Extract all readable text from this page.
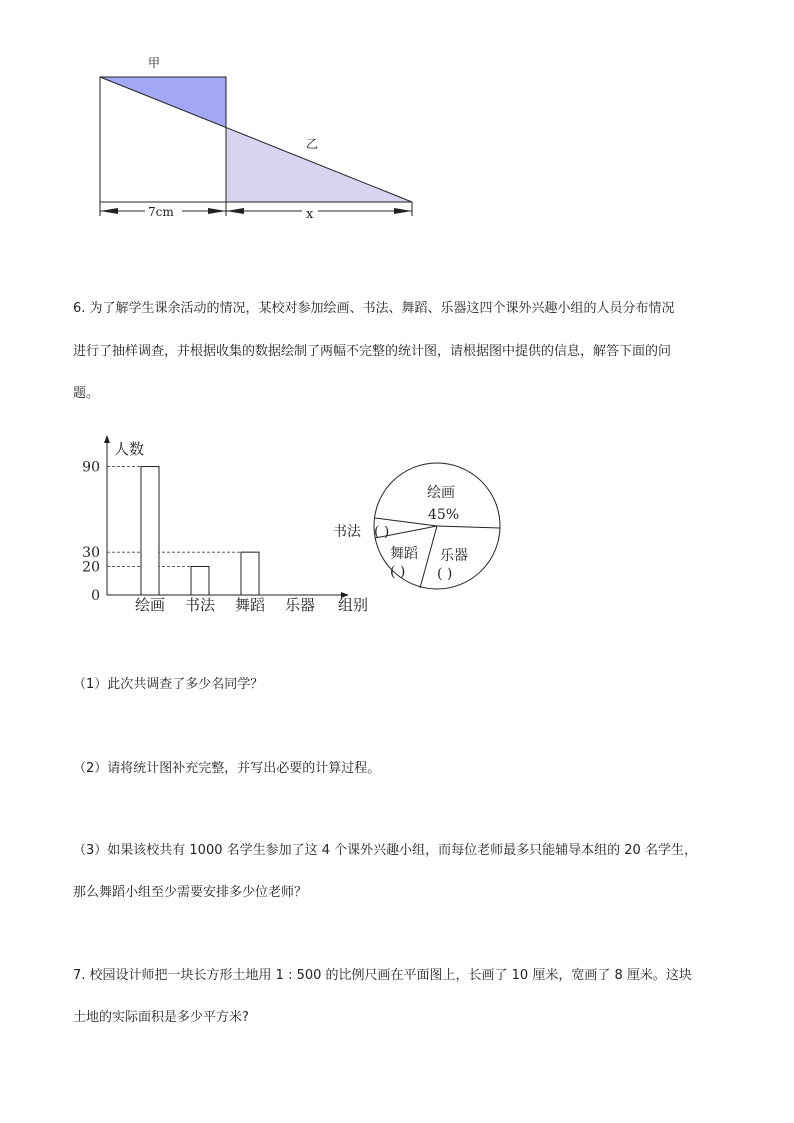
甲
乙
7cm	x
6. 为了解学生课余活动的情况，某校对参加绘画、书法、舞蹈、乐器这四个课外兴趣小组的人员分布情况
进行了抽样调查，并根据收集的数据绘制了两幅不完整的统计图，请根据图中提供的信息，解答下面的问
题。
人数
组别
0
20
30
90
绘画 书法 舞蹈 乐器
绘画
45%
书法 ( )
舞蹈
( )
乐器
( )
（1）此次共调查了多少名同学？
（2）请将统计图补充完整，并写出必要的计算过程。
（3）如果该校共有 1000 名学生参加了这 4 个课外兴趣小组，而每位老师最多只能辅导本组的 20 名学生，
那么舞蹈小组至少需要安排多少位老师？
7. 校园设计师把一块长方形土地用 1 : 500 的比例尺画在平面图上，长画了 10 厘米，宽画了 8 厘米。这块
土地的实际面积是多少平方米?
